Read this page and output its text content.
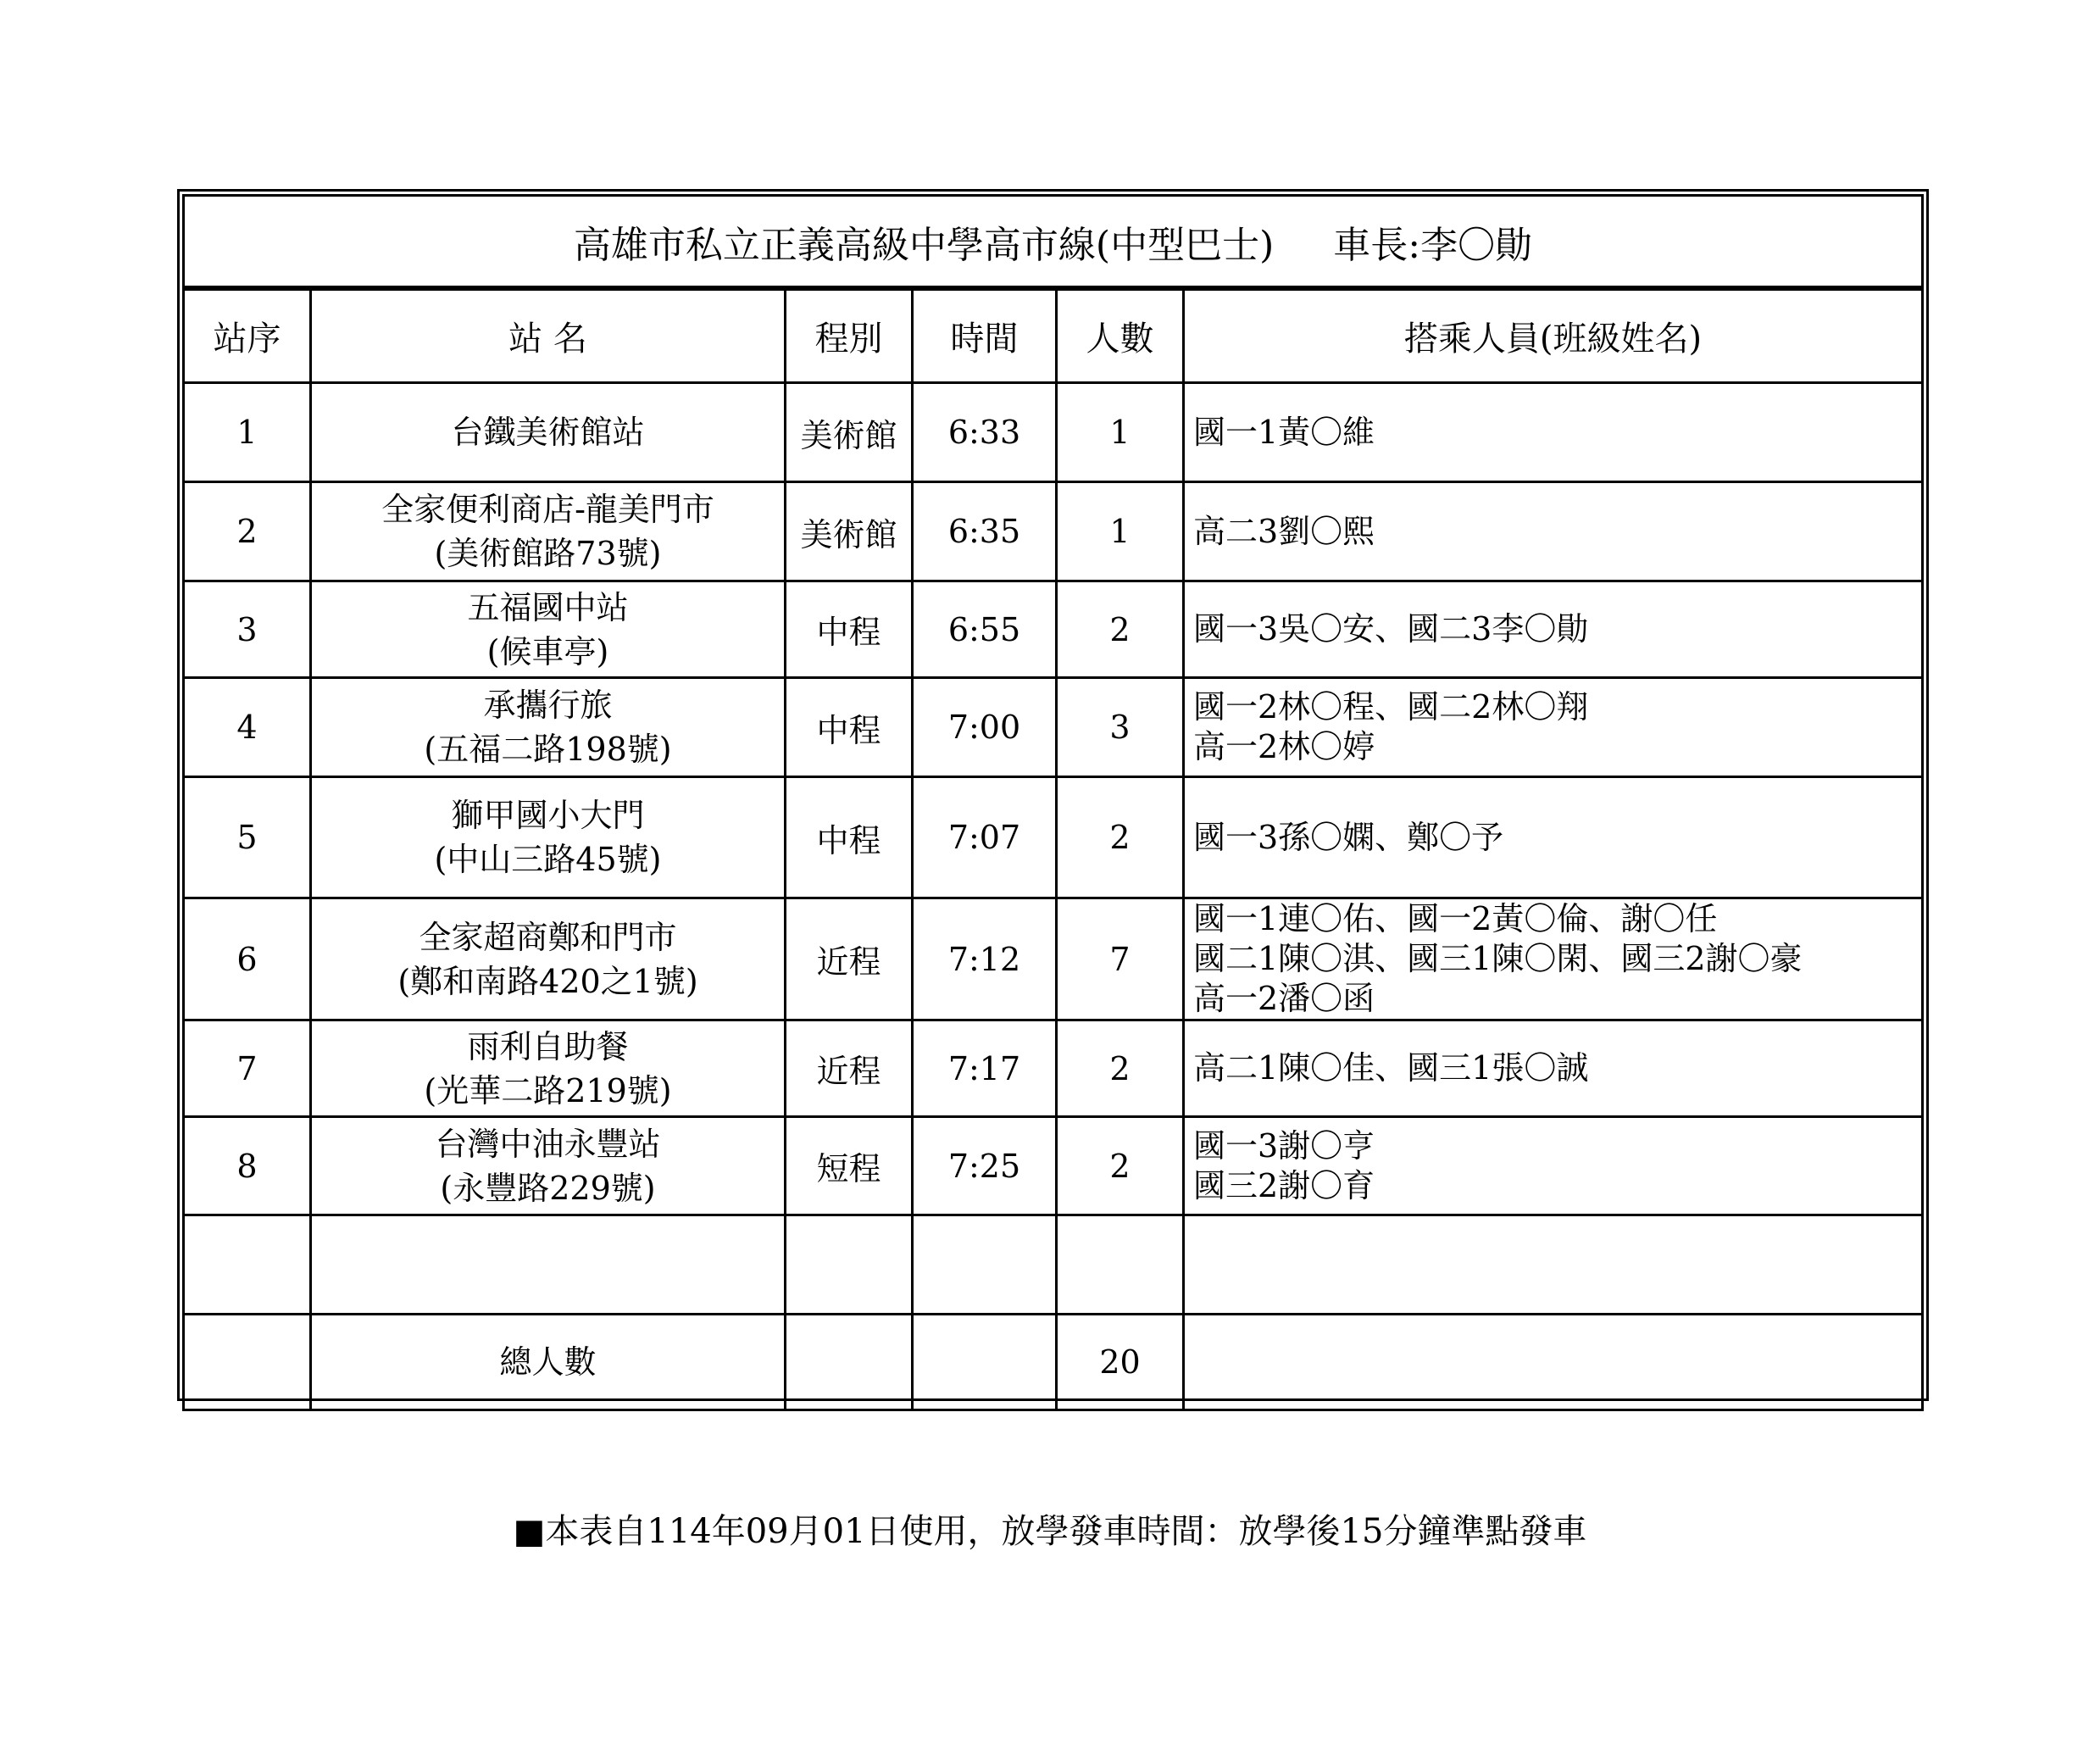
高雄市私立正義高級中學高市線(中型巴士) 車長:李〇勛					
站序	站 名	程別	時間	人數	搭乘人員(班級姓名)
1	台鐵美術館站	美術館	6:33	1	國一1黃〇維

2	全家便利商店-龍美門市
(美術館路73號)	美術館	6:35	1	高二3劉〇熙

3	五福國中站
(候車亭)	中程	6:55	2	國一3吳〇安、國二3李〇勛

4	承攜行旅
(五福二路198號)	中程	7:00	3	國一2林〇程、國二2林〇翔
高一2林〇婷

5	獅甲國小大門
(中山三路45號)	中程	7:07	2	國一3孫〇嫻、鄭〇予

6	全家超商鄭和門市
(鄭和南路420之1號)	近程	7:12	7	國一1連〇佑、國一2黃〇倫、謝〇任
國二1陳〇淇、國三1陳〇閑、國三2謝〇豪
高一2潘〇函

7	雨利自助餐
(光華二路219號)	近程	7:17	2	高二1陳〇佳、國三1張〇誠

8	台灣中油永豐站
(永豐路229號)	短程	7:25	2	國一3謝〇亨
國三2謝〇育

	總人數			20	
■本表自114年09月01日使用，放學發車時間：放學後15分鐘準點發車
